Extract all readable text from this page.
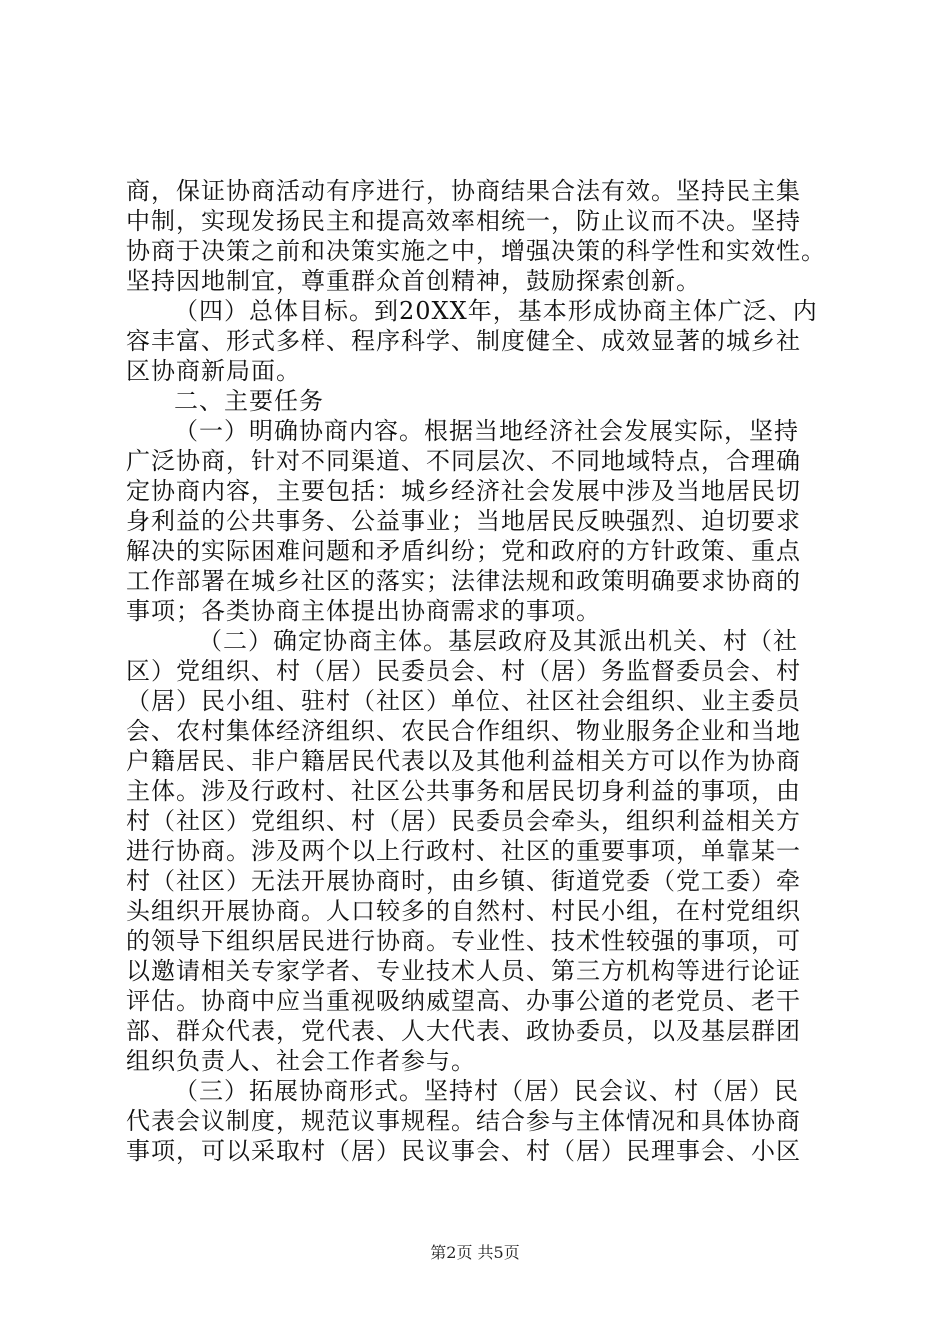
商，保证协商活动有序进行，协商结果合法有效。坚持民主集
中制，实现发扬民主和提高效率相统一，防止议而不决。坚持
协商于决策之前和决策实施之中，增强决策的科学性和实效性。
坚持因地制宜，尊重群众首创精神，鼓励探索创新。
（四）总体目标。到20XX年，基本形成协商主体广泛、内
容丰富、形式多样、程序科学、制度健全、成效显著的城乡社
区协商新局面。
二、主要任务
（一）明确协商内容。根据当地经济社会发展实际，坚持
广泛协商，针对不同渠道、不同层次、不同地域特点，合理确
定协商内容，主要包括：城乡经济社会发展中涉及当地居民切
身利益的公共事务、公益事业；当地居民反映强烈、迫切要求
解决的实际困难问题和矛盾纠纷；党和政府的方针政策、重点
工作部署在城乡社区的落实；法律法规和政策明确要求协商的
事项；各类协商主体提出协商需求的事项。
（二）确定协商主体。基层政府及其派出机关、村（社
区）党组织、村（居）民委员会、村（居）务监督委员会、村
（居）民小组、驻村（社区）单位、社区社会组织、业主委员
会、农村集体经济组织、农民合作组织、物业服务企业和当地
户籍居民、非户籍居民代表以及其他利益相关方可以作为协商
主体。涉及行政村、社区公共事务和居民切身利益的事项，由
村（社区）党组织、村（居）民委员会牵头，组织利益相关方
进行协商。涉及两个以上行政村、社区的重要事项，单靠某一
村（社区）无法开展协商时，由乡镇、街道党委（党工委）牵
头组织开展协商。人口较多的自然村、村民小组，在村党组织
的领导下组织居民进行协商。专业性、技术性较强的事项，可
以邀请相关专家学者、专业技术人员、第三方机构等进行论证
评估。协商中应当重视吸纳威望高、办事公道的老党员、老干
部、群众代表，党代表、人大代表、政协委员，以及基层群团
组织负责人、社会工作者参与。
（三）拓展协商形式。坚持村（居）民会议、村（居）民
代表会议制度，规范议事规程。结合参与主体情况和具体协商
事项，可以采取村（居）民议事会、村（居）民理事会、小区
第2页 共5页
